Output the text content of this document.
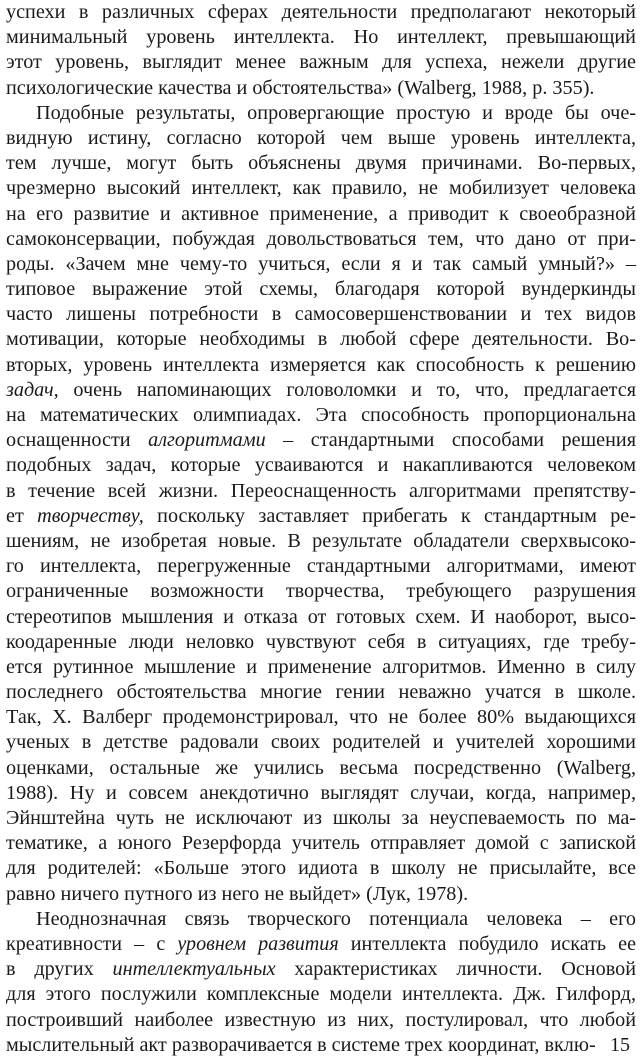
успехи в различных сферах деятельности предполагают некоторый
минимальный уровень интеллекта. Но интеллект, превышающий
этот уровень, выглядит менее важным для успеха, нежели другие
психологические качества и обстоятельства» (Walberg, 1988, p. 355).
Подобные результаты, опровергающие простую и вроде бы оче-
видную истину, согласно которой чем выше уровень интеллекта,
тем лучше, могут быть объяснены двумя причинами. Во-первых,
чрезмерно высокий интеллект, как правило, не мобилизует человека
на его развитие и активное применение, а приводит к своеобразной
самоконсервации, побуждая довольствоваться тем, что дано от при-
роды. «Зачем мне чему-то учиться, если я и так самый умный?» –
типовое выражение этой схемы, благодаря которой вундеркинды
часто лишены потребности в самосовершенствовании и тех видов
мотивации, которые необходимы в любой сфере деятельности. Во-
вторых, уровень интеллекта измеряется как способность к решению
задач, очень напоминающих головоломки и то, что, предлагается
на математических олимпиадах. Эта способность пропорциональна
оснащенности алгоритмами – стандартными способами решения
подобных задач, которые усваиваются и накапливаются человеком
в течение всей жизни. Переоснащенность алгоритмами препятству-
ет творчеству, поскольку заставляет прибегать к стандартным ре-
шениям, не изобретая новые. В результате обладатели сверхвысоко-
го интеллекта, перегруженные стандартными алгоритмами, имеют
ограниченные возможности творчества, требующего разрушения
стереотипов мышления и отказа от готовых схем. И наоборот, высо-
коодаренные люди неловко чувствуют себя в ситуациях, где требу-
ется рутинное мышление и применение алгоритмов. Именно в силу
последнего обстоятельства многие гении неважно учатся в школе.
Так, Х. Валберг продемонстрировал, что не более 80% выдающихся
ученых в детстве радовали своих родителей и учителей хорошими
оценками, остальные же учились весьма посредственно (Walberg,
1988). Ну и совсем анекдотично выглядят случаи, когда, например,
Эйнштейна чуть не исключают из школы за неуспеваемость по ма-
тематике, а юного Резерфорда учитель отправляет домой с запиской
для родителей: «Больше этого идиота в школу не присылайте, все
равно ничего путного из него не выйдет» (Лук, 1978).
Неоднозначная связь творческого потенциала человека – его
креативности – с уровнем развития интеллекта побудило искать ее
в других интеллектуальных характеристиках личности. Основой
для этого послужили комплексные модели интеллекта. Дж. Гилфорд,
построивший наиболее известную из них, постулировал, что любой
мыслительный акт разворачивается в системе трех координат, вклю- 15
